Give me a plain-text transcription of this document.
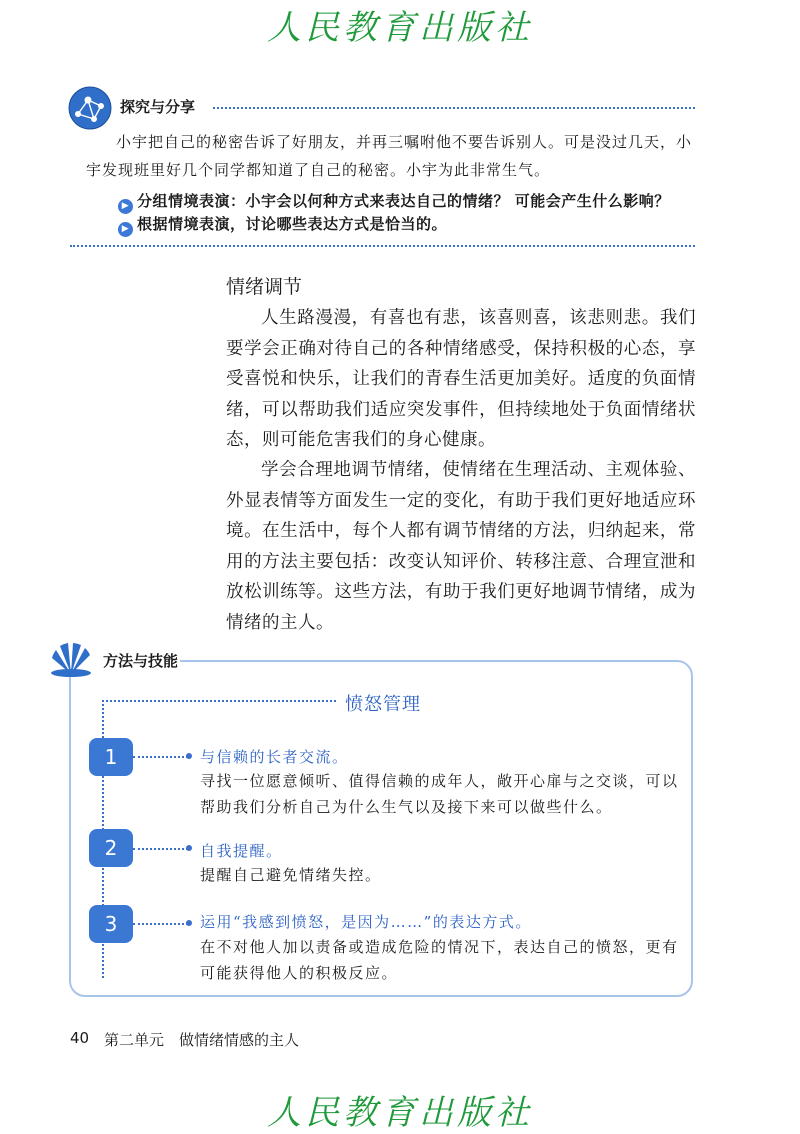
人民教育出版社
探究与分享
小宇把自己的秘密告诉了好朋友，并再三嘱咐他不要告诉别人。可是没过几天，小宇发现班里好几个同学都知道了自己的秘密。小宇为此非常生气。
▶ 分组情境表演：小宇会以何种方式来表达自己的情绪？ 可能会产生什么影响？
▶ 根据情境表演，讨论哪些表达方式是恰当的。
情绪调节
人生路漫漫，有喜也有悲，该喜则喜，该悲则悲。我们要学会正确对待自己的各种情绪感受，保持积极的心态，享受喜悦和快乐，让我们的青春生活更加美好。适度的负面情绪，可以帮助我们适应突发事件，但持续地处于负面情绪状态，则可能危害我们的身心健康。
学会合理地调节情绪，使情绪在生理活动、主观体验、外显表情等方面发生一定的变化，有助于我们更好地适应环境。在生活中，每个人都有调节情绪的方法，归纳起来，常用的方法主要包括：改变认知评价、转移注意、合理宣泄和放松训练等。这些方法，有助于我们更好地调节情绪，成为情绪的主人。
方法与技能
愤怒管理
1	与信赖的长者交流。
寻找一位愿意倾听、值得信赖的成年人，敞开心扉与之交谈，可以帮助我们分析自己为什么生气以及接下来可以做些什么。
2	自我提醒。
提醒自己避免情绪失控。
3	运用“我感到愤怒，是因为……”的表达方式。
在不对他人加以责备或造成危险的情况下，表达自己的愤怒，更有可能获得他人的积极反应。
40 第二单元　做情绪情感的主人
人民教育出版社
